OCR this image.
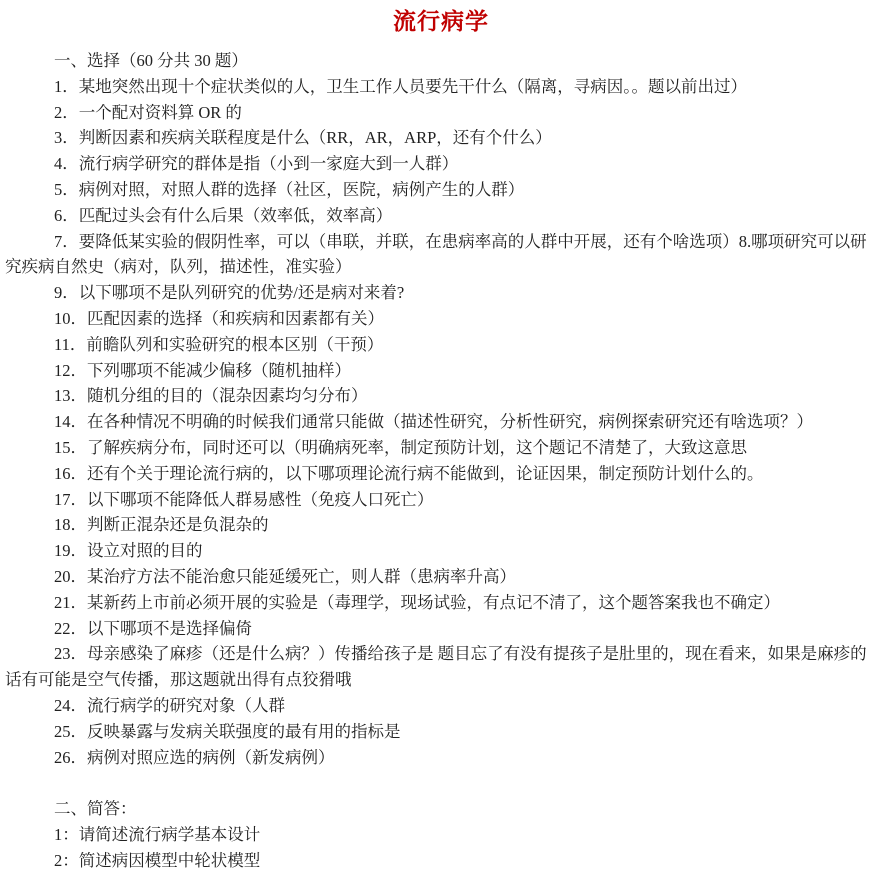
流行病学

一、选择（60 分共 30 题）

1．某地突然出现十个症状类似的人，卫生工作人员要先干什么（隔离，寻病因。。题以前出过）

2．一个配对资料算 OR 的

3．判断因素和疾病关联程度是什么（RR，AR，ARP，还有个什么）

4．流行病学研究的群体是指（小到一家庭大到一人群）

5．病例对照，对照人群的选择（社区，医院，病例产生的人群）

6．匹配过头会有什么后果（效率低，效率高）

7．要降低某实验的假阴性率，可以（串联，并联，在患病率高的人群中开展，还有个啥选项）8.哪项研究可以研究疾病自然史（病对，队列，描述性，准实验）

9．以下哪项不是队列研究的优势/还是病对来着?

10．匹配因素的选择（和疾病和因素都有关）

11．前瞻队列和实验研究的根本区别（干预）

12．下列哪项不能减少偏移（随机抽样）

13．随机分组的目的（混杂因素均匀分布）

14．在各种情况不明确的时候我们通常只能做（描述性研究，分析性研究，病例探索研究还有啥选项？）

15．了解疾病分布，同时还可以（明确病死率，制定预防计划，这个题记不清楚了，大致这意思

16．还有个关于理论流行病的，以下哪项理论流行病不能做到，论证因果，制定预防计划什么的。

17．以下哪项不能降低人群易感性（免疫人口死亡）

18．判断正混杂还是负混杂的

19．设立对照的目的

20．某治疗方法不能治愈只能延缓死亡，则人群（患病率升高）

21．某新药上市前必须开展的实验是（毒理学，现场试验，有点记不清了，这个题答案我也不确定）

22．以下哪项不是选择偏倚

23．母亲感染了麻疹（还是什么病？）传播给孩子是 题目忘了有没有提孩子是肚里的，现在看来，如果是麻疹的话有可能是空气传播，那这题就出得有点狡猾哦

24．流行病学的研究对象（人群

25．反映暴露与发病关联强度的最有用的指标是

26．病例对照应选的病例（新发病例）

二、简答：

1：请简述流行病学基本设计

2：简述病因模型中轮状模型
